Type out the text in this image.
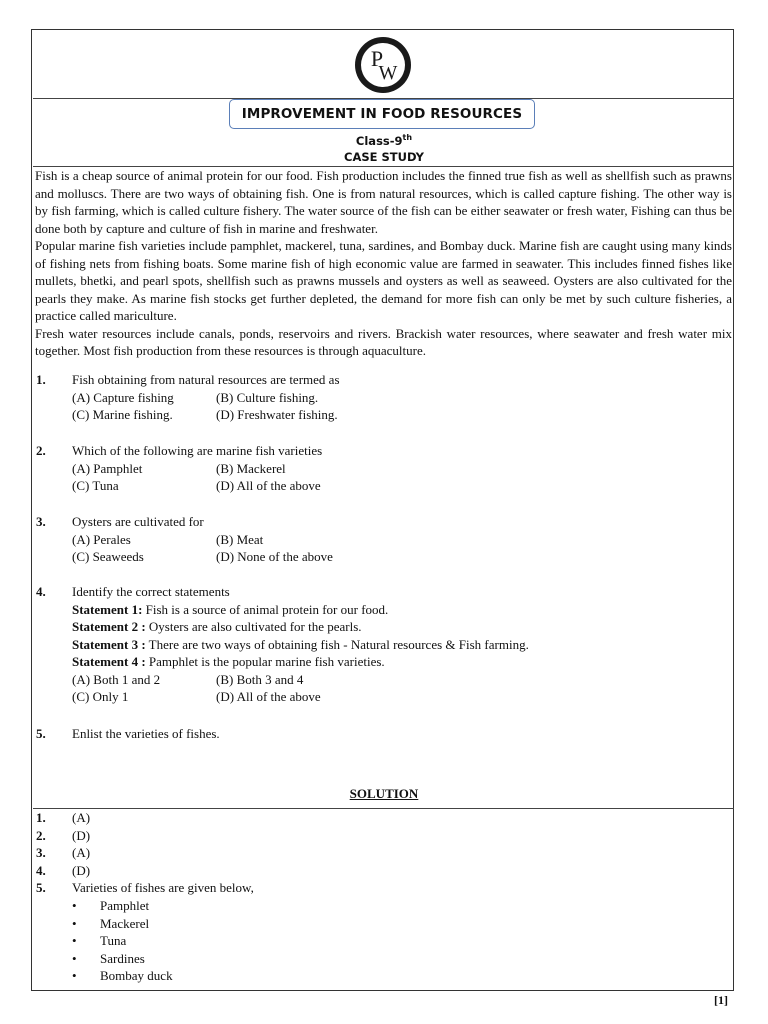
P
W
IMPROVEMENT IN FOOD RESOURCES
Class-9th
CASE STUDY

Fish is a cheap source of animal protein for our food. Fish production includes the finned true fish as well as shellfish such as prawns and molluscs. There are two ways of obtaining fish. One is from natural resources, which is called capture fishing. The other way is by fish farming, which is called culture fishery. The water source of the fish can be either seawater or fresh water, Fishing can thus be done both by capture and culture of fish in marine and freshwater.

Popular marine fish varieties include pamphlet, mackerel, tuna, sardines, and Bombay duck. Marine fish are caught using many kinds of fishing nets from fishing boats. Some marine fish of high economic value are farmed in seawater. This includes finned fishes like mullets, bhetki, and pearl spots, shellfish such as prawns mussels and oysters as well as seaweed. Oysters are also cultivated for the pearls they make. As marine fish stocks get further depleted, the demand for more fish can only be met by such culture fisheries, a practice called mariculture.

Fresh water resources include canals, ponds, reservoirs and rivers. Brackish water resources, where seawater and fresh water mix together. Most fish production from these resources is through aquaculture.

1.	Fish obtaining from natural resources are termed as
(A) Capture fishing	(B) Culture fishing.
(C) Marine fishing.	(D) Freshwater fishing.
2.	Which of the following are marine fish varieties
(A) Pamphlet	(B) Mackerel
(C) Tuna	(D) All of the above
3.	Oysters are cultivated for
(A) Perales	(B) Meat
(C) Seaweeds	(D) None of the above
4.	Identify the correct statements
Statement 1: Fish is a source of animal protein for our food.
Statement 2 : Oysters are also cultivated for the pearls.
Statement 3 : There are two ways of obtaining fish - Natural resources & Fish farming.
Statement 4 : Pamphlet is the popular marine fish varieties.
(A) Both 1 and 2	(B) Both 3 and 4
(C) Only 1	(D) All of the above
5.	Enlist the varieties of fishes.
SOLUTION
1. (A)
2. (D)
3. (A)
4. (D)
5. Varieties of fishes are given below,
• Pamphlet
• Mackerel
• Tuna
• Sardines
• Bombay duck
[1]
